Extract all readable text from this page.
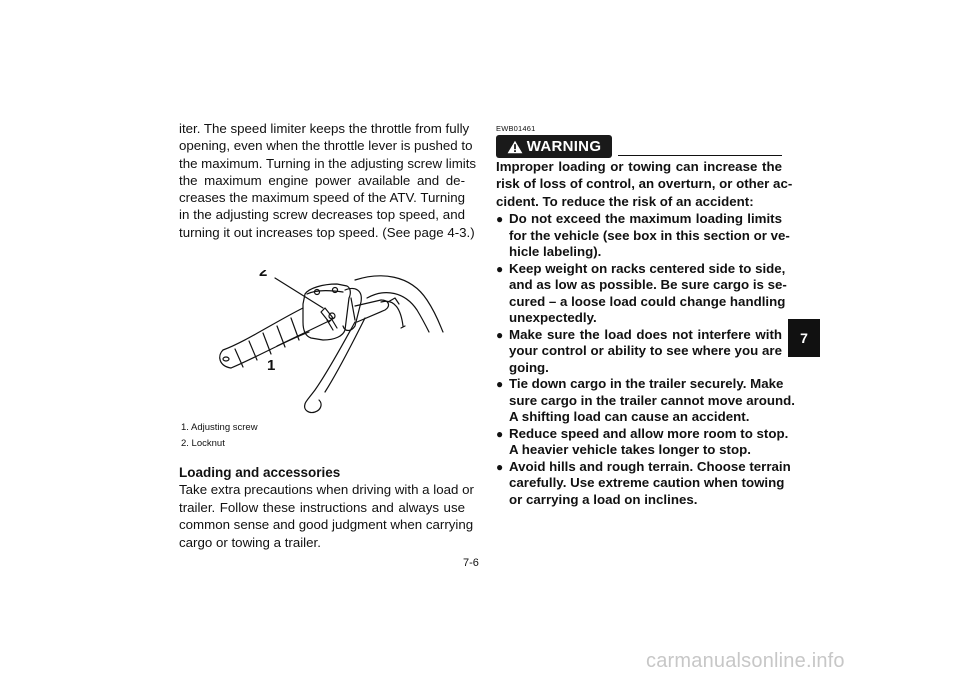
iter. The speed limiter keeps the throttle from fully
opening, even when the throttle lever is pushed to
the maximum. Turning in the adjusting screw limits
the maximum engine power available and de-
creases the maximum speed of the ATV. Turning
in the adjusting screw decreases top speed, and
turning it out increases top speed. (See page 4-3.)
2
1
1. Adjusting screw
2. Locknut
Loading and accessories
Take extra precautions when driving with a load or
trailer. Follow these instructions and always use
common sense and good judgment when carrying
cargo or towing a trailer.
EWB01461
WARNING
Improper loading or towing can increase the
risk of loss of control, an overturn, or other ac-
cident. To reduce the risk of an accident:
● Do not exceed the maximum loading limits
for the vehicle (see box in this section or ve-
hicle labeling).
● Keep weight on racks centered side to side,
and as low as possible. Be sure cargo is se-
cured – a loose load could change handling
unexpectedly.
● Make sure the load does not interfere with
your control or ability to see where you are
going.
● Tie down cargo in the trailer securely. Make
sure cargo in the trailer cannot move around.
A shifting load can cause an accident.
● Reduce speed and allow more room to stop.
A heavier vehicle takes longer to stop.
● Avoid hills and rough terrain. Choose terrain
carefully. Use extreme caution when towing
or carrying a load on inclines.
7
7-6
carmanualsonline.info
